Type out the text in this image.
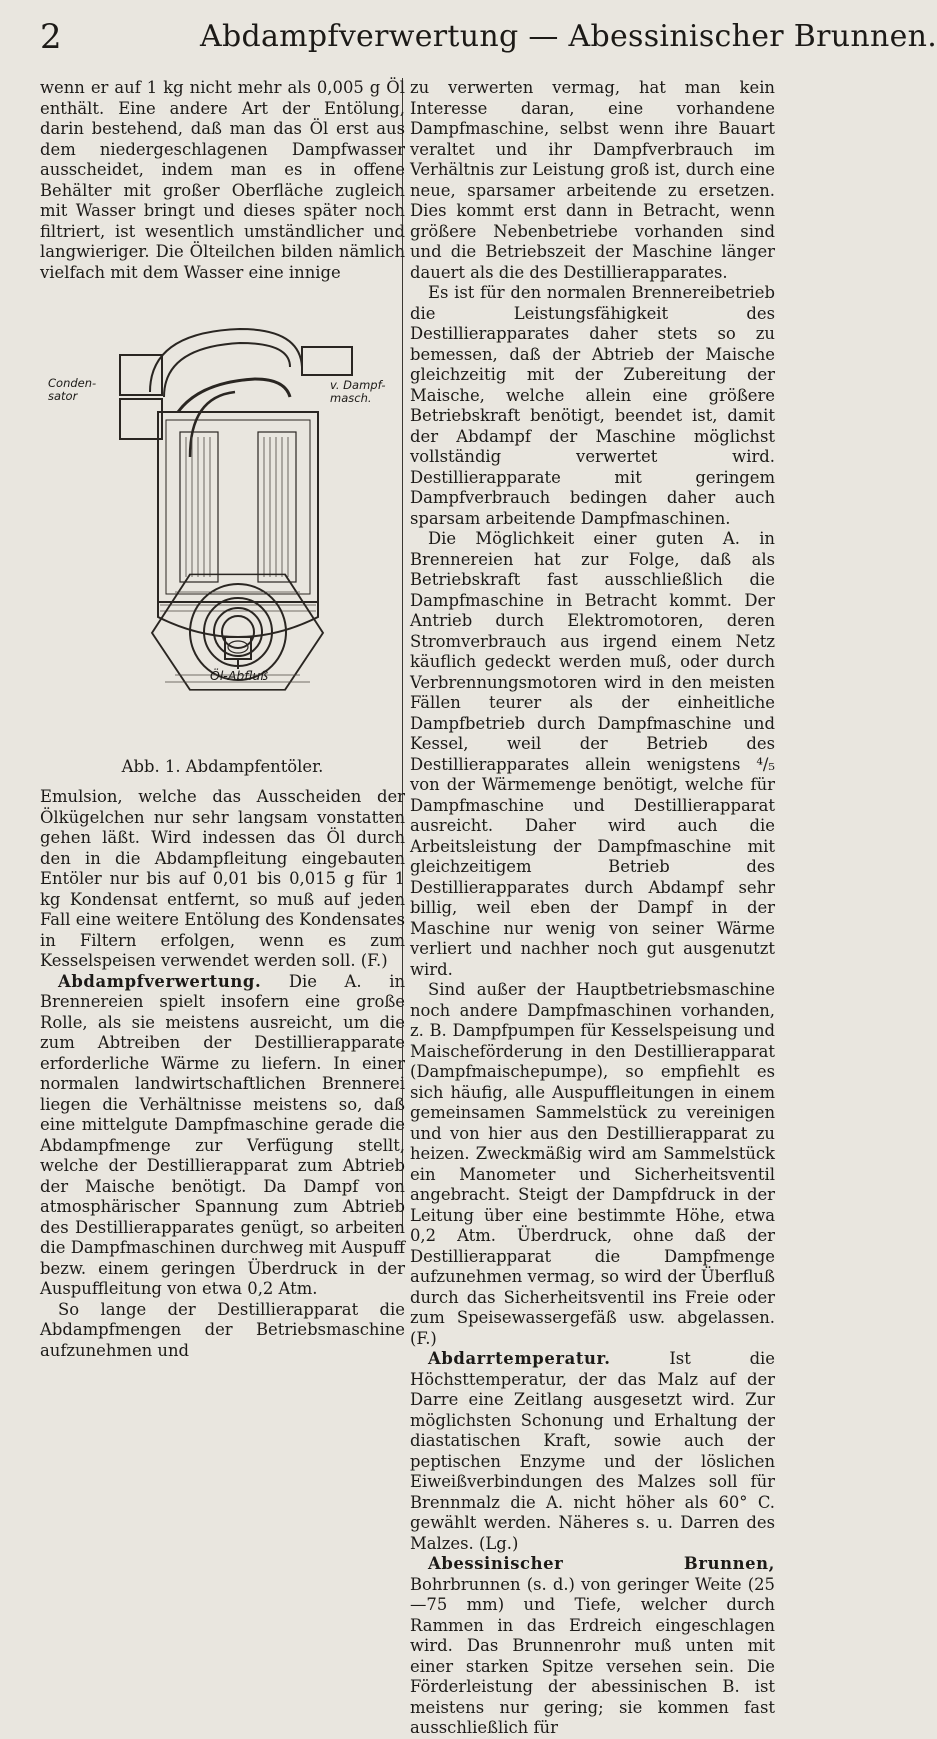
2	Abdampfverwertung — Abessinischer Brunnen.

wenn er auf 1 kg nicht mehr als 0,005 g Öl enthält. Eine andere Art der Entölung, darin bestehend, daß man das Öl erst aus dem niedergeschlagenen Dampfwasser ausscheidet, indem man es in offene Behälter mit großer Oberfläche zugleich mit Wasser bringt und dieses später noch filtriert, ist wesentlich umständlicher und langwieriger. Die Ölteilchen bilden nämlich vielfach mit dem Wasser eine innige

Conden-
sator
v. Dampf-
masch.
Öl-Abfluß
Abb. 1. Abdampfentöler.

Emulsion, welche das Ausscheiden der Ölkügelchen nur sehr langsam vonstatten gehen läßt. Wird indessen das Öl durch den in die Abdampfleitung eingebauten Entöler nur bis auf 0,01 bis 0,015 g für 1 kg Kondensat entfernt, so muß auf jeden Fall eine weitere Entölung des Kondensates in Filtern erfolgen, wenn es zum Kesselspeisen verwendet werden soll. (F.)

Abdampfverwertung. Die A. in Brennereien spielt insofern eine große Rolle, als sie meistens ausreicht, um die zum Abtreiben der Destillierapparate erforderliche Wärme zu liefern. In einer normalen landwirtschaftlichen Brennerei liegen die Verhältnisse meistens so, daß eine mittelgute Dampfmaschine gerade die Abdampfmenge zur Verfügung stellt, welche der Destillierapparat zum Abtrieb der Maische benötigt. Da Dampf von atmosphärischer Spannung zum Abtrieb des Destillierapparates genügt, so arbeiten die Dampfmaschinen durchweg mit Auspuff bezw. einem geringen Überdruck in der Auspuffleitung von etwa 0,2 Atm.

So lange der Destillierapparat die Abdampfmengen der Betriebsmaschine aufzunehmen und

zu verwerten vermag, hat man kein Interesse daran, eine vorhandene Dampfmaschine, selbst wenn ihre Bauart veraltet und ihr Dampfverbrauch im Verhältnis zur Leistung groß ist, durch eine neue, sparsamer arbeitende zu ersetzen. Dies kommt erst dann in Betracht, wenn größere Nebenbetriebe vorhanden sind und die Betriebszeit der Maschine länger dauert als die des Destillierapparates.

Es ist für den normalen Brennereibetrieb die Leistungsfähigkeit des Destillierapparates daher stets so zu bemessen, daß der Abtrieb der Maische gleichzeitig mit der Zubereitung der Maische, welche allein eine größere Betriebskraft benötigt, beendet ist, damit der Abdampf der Maschine möglichst vollständig verwertet wird. Destillierapparate mit geringem Dampfverbrauch bedingen daher auch sparsam arbeitende Dampfmaschinen.

Die Möglichkeit einer guten A. in Brennereien hat zur Folge, daß als Betriebskraft fast ausschließlich die Dampfmaschine in Betracht kommt. Der Antrieb durch Elektromotoren, deren Stromverbrauch aus irgend einem Netz käuflich gedeckt werden muß, oder durch Verbrennungsmotoren wird in den meisten Fällen teurer als der einheitliche Dampfbetrieb durch Dampfmaschine und Kessel, weil der Betrieb des Destillierapparates allein wenigstens ⁴/₅ von der Wärmemenge benötigt, welche für Dampfmaschine und Destillierapparat ausreicht. Daher wird auch die Arbeitsleistung der Dampfmaschine mit gleichzeitigem Betrieb des Destillierapparates durch Abdampf sehr billig, weil eben der Dampf in der Maschine nur wenig von seiner Wärme verliert und nachher noch gut ausgenutzt wird.

Sind außer der Hauptbetriebsmaschine noch andere Dampfmaschinen vorhanden, z. B. Dampfpumpen für Kesselspeisung und Maischeförderung in den Destillierapparat (Dampfmaischepumpe), so empfiehlt es sich häufig, alle Auspuffleitungen in einem gemeinsamen Sammelstück zu vereinigen und von hier aus den Destillierapparat zu heizen. Zweckmäßig wird am Sammelstück ein Manometer und Sicherheitsventil angebracht. Steigt der Dampfdruck in der Leitung über eine bestimmte Höhe, etwa 0,2 Atm. Überdruck, ohne daß der Destillierapparat die Dampfmenge aufzunehmen vermag, so wird der Überfluß durch das Sicherheitsventil ins Freie oder zum Speisewassergefäß usw. abgelassen. (F.)

Abdarrtemperatur. Ist die Höchsttemperatur, der das Malz auf der Darre eine Zeitlang ausgesetzt wird. Zur möglichsten Schonung und Erhaltung der diastatischen Kraft, sowie auch der peptischen Enzyme und der löslichen Eiweißverbindungen des Malzes soll für Brennmalz die A. nicht höher als 60° C. gewählt werden. Näheres s. u. Darren des Malzes. (Lg.)

Abessinischer Brunnen, Bohrbrunnen (s. d.) von geringer Weite (25—75 mm) und Tiefe, welcher durch Rammen in das Erdreich eingeschlagen wird. Das Brunnenrohr muß unten mit einer starken Spitze versehen sein. Die Förderleistung der abessinischen B. ist meistens nur gering; sie kommen fast ausschließlich für
